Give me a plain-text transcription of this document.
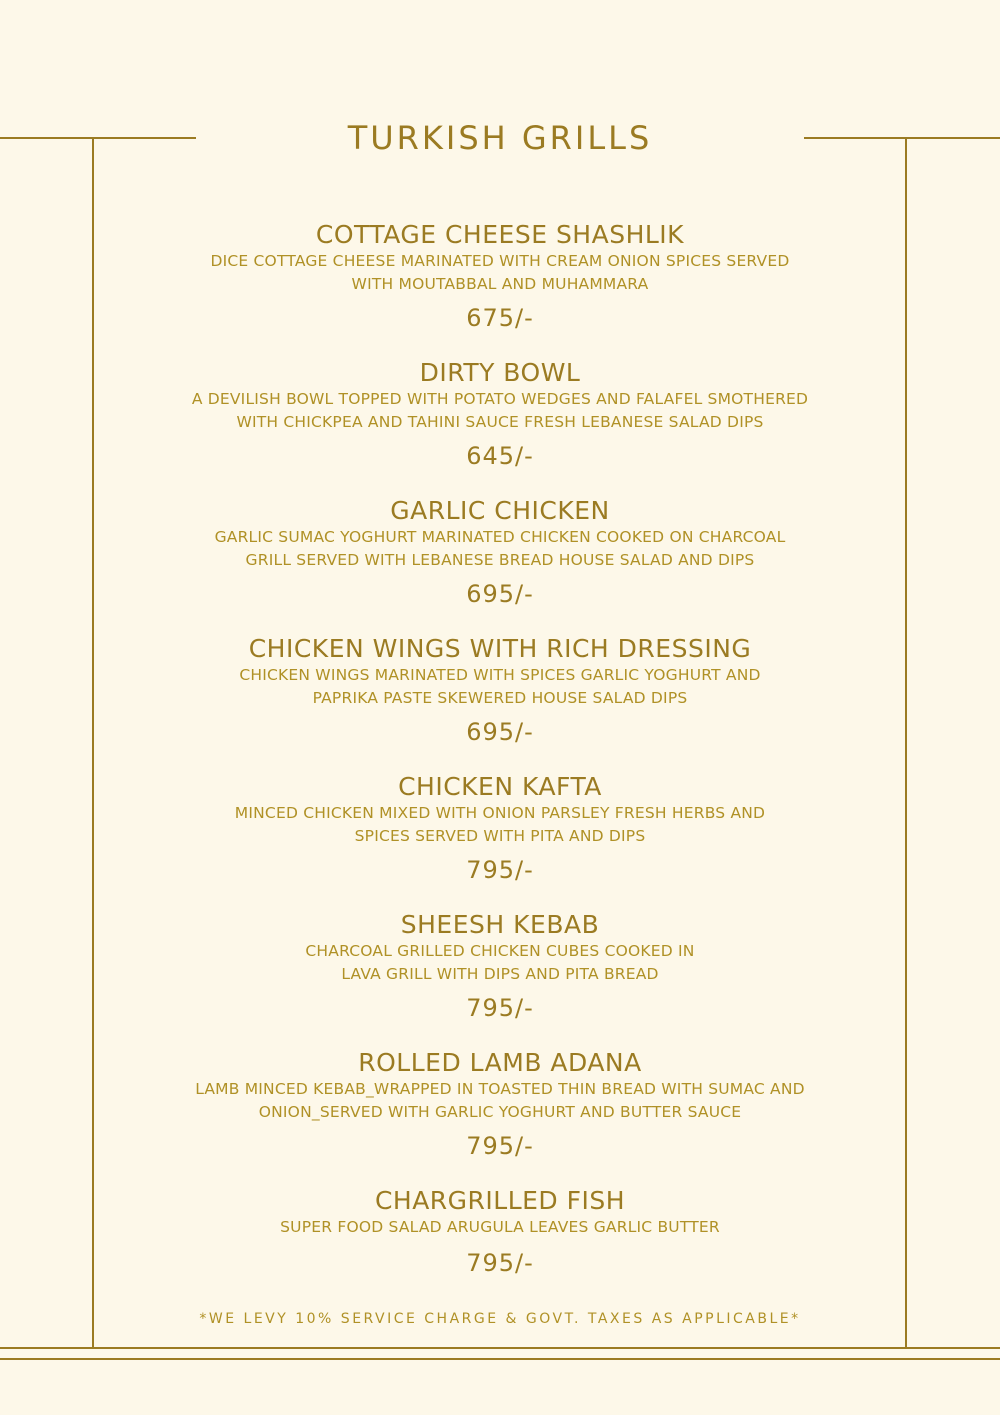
TURKISH GRILLS
COTTAGE CHEESE SHASHLIK
DICE COTTAGE CHEESE MARINATED WITH CREAM ONION SPICES SERVED
WITH MOUTABBAL AND MUHAMMARA
675/-
DIRTY BOWL
A DEVILISH BOWL TOPPED WITH POTATO WEDGES AND FALAFEL SMOTHERED
WITH CHICKPEA AND TAHINI SAUCE FRESH LEBANESE SALAD DIPS
645/-
GARLIC CHICKEN
GARLIC SUMAC YOGHURT MARINATED CHICKEN COOKED ON CHARCOAL
GRILL SERVED WITH LEBANESE BREAD HOUSE SALAD AND DIPS
695/-
CHICKEN WINGS WITH RICH DRESSING
CHICKEN WINGS MARINATED WITH SPICES GARLIC YOGHURT AND
PAPRIKA PASTE SKEWERED HOUSE SALAD DIPS
695/-
CHICKEN KAFTA
MINCED CHICKEN MIXED WITH ONION PARSLEY FRESH HERBS AND
SPICES SERVED WITH PITA AND DIPS
795/-
SHEESH KEBAB
CHARCOAL GRILLED CHICKEN CUBES COOKED IN
LAVA GRILL WITH DIPS AND PITA BREAD
795/-
ROLLED LAMB ADANA
LAMB MINCED KEBAB_WRAPPED IN TOASTED THIN BREAD WITH SUMAC AND
ONION_SERVED WITH GARLIC YOGHURT AND BUTTER SAUCE
795/-
CHARGRILLED FISH
SUPER FOOD SALAD ARUGULA LEAVES GARLIC BUTTER
795/-
*WE LEVY 10% SERVICE CHARGE & GOVT. TAXES AS APPLICABLE*
